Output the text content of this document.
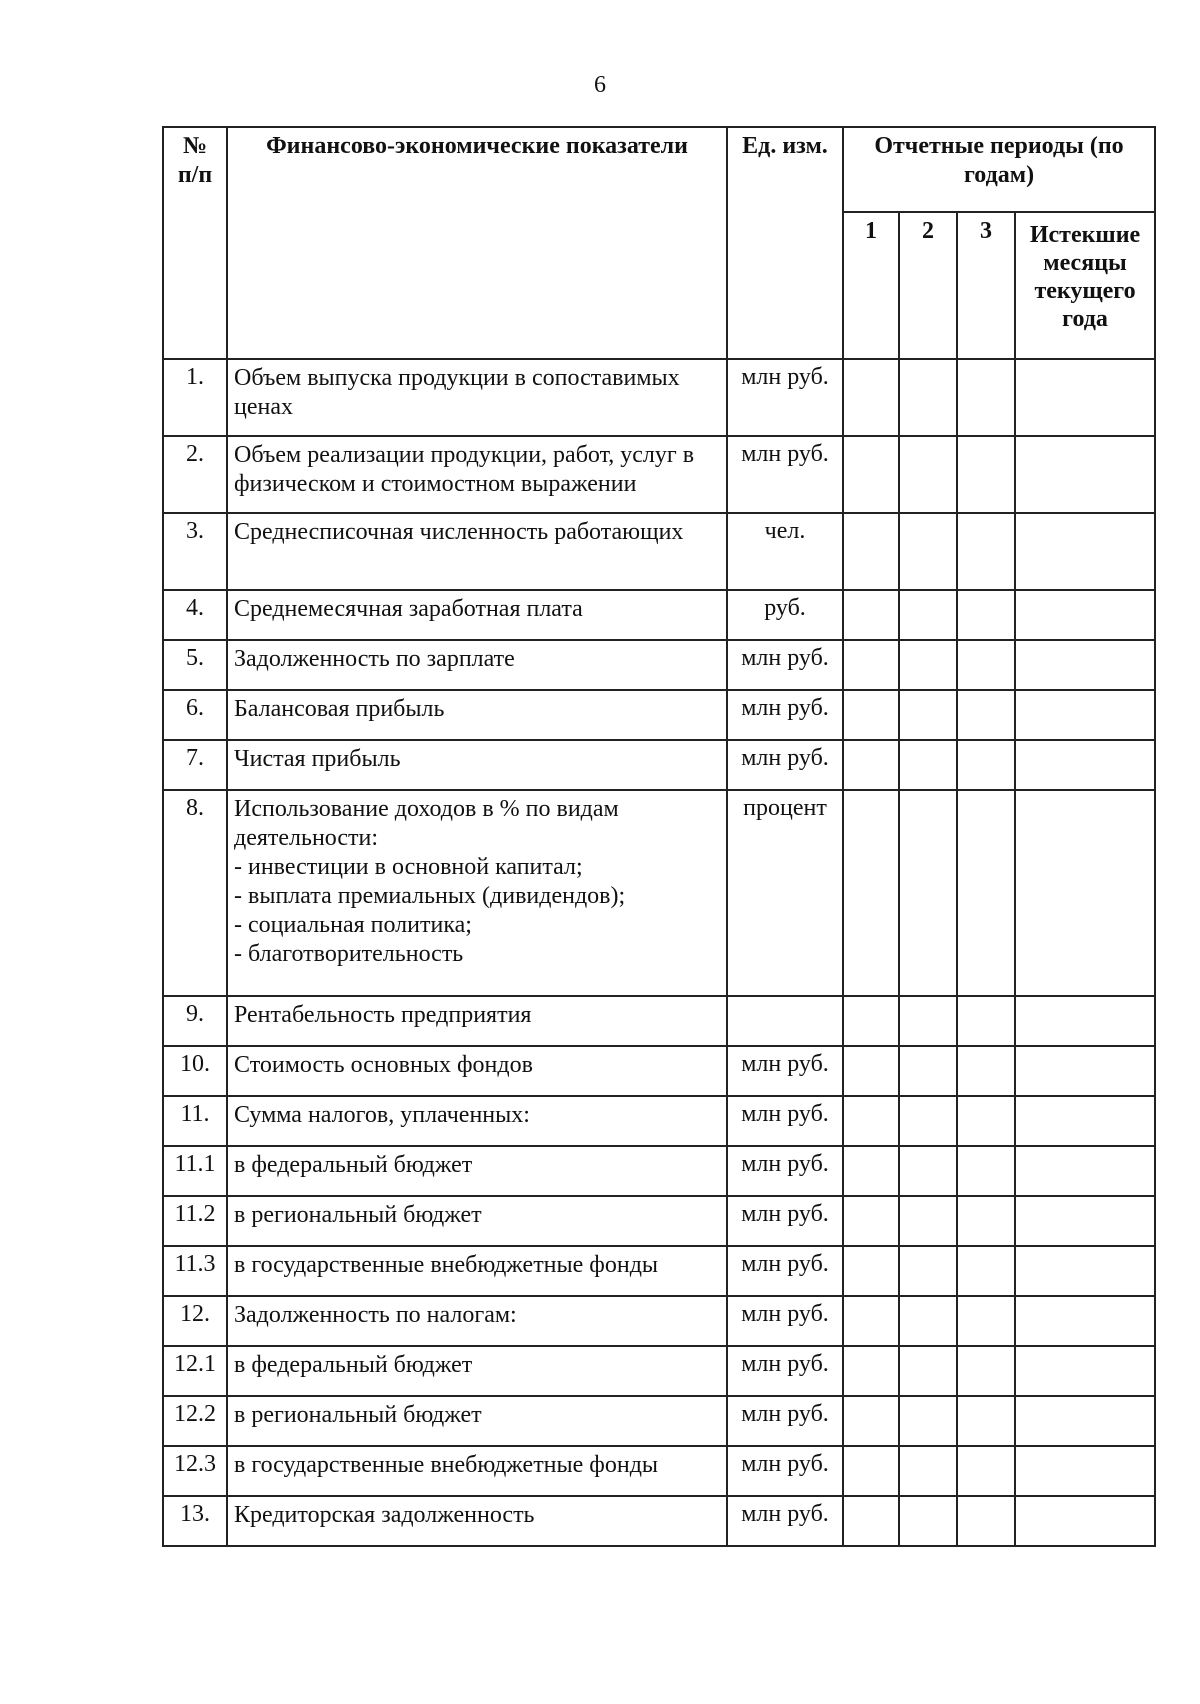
6
№ п/п	Финансово-экономические показатели	Ед. изм.	Отчетные периоды (по годам)			
			1	2	3	Истекшие месяцы текущего года
1.	Объем выпуска продукции в сопоставимых ценах	млн руб.				
2.	Объем реализации продукции, работ, услуг в физическом и стоимостном выражении	млн руб.				
3.	Среднесписочная численность работающих	чел.				
4.	Среднемесячная заработная плата	руб.				
5.	Задолженность по зарплате	млн руб.				
6.	Балансовая прибыль	млн руб.				
7.	Чистая прибыль	млн руб.				
8.	Использование доходов в % по видам деятельности:
- инвестиции в основной капитал;
- выплата премиальных (дивидендов);
- социальная политика;
- благотворительность	процент				
9.	Рентабельность предприятия					
10.	Стоимость основных фондов	млн руб.				
11.	Сумма налогов, уплаченных:	млн руб.				
11.1	в федеральный бюджет	млн руб.				
11.2	в региональный бюджет	млн руб.				
11.3	в государственные внебюджетные фонды	млн руб.				
12.	Задолженность по налогам:	млн руб.				
12.1	в федеральный бюджет	млн руб.				
12.2	в региональный бюджет	млн руб.				
12.3	в государственные внебюджетные фонды	млн руб.				
13.	Кредиторская задолженность	млн руб.				
